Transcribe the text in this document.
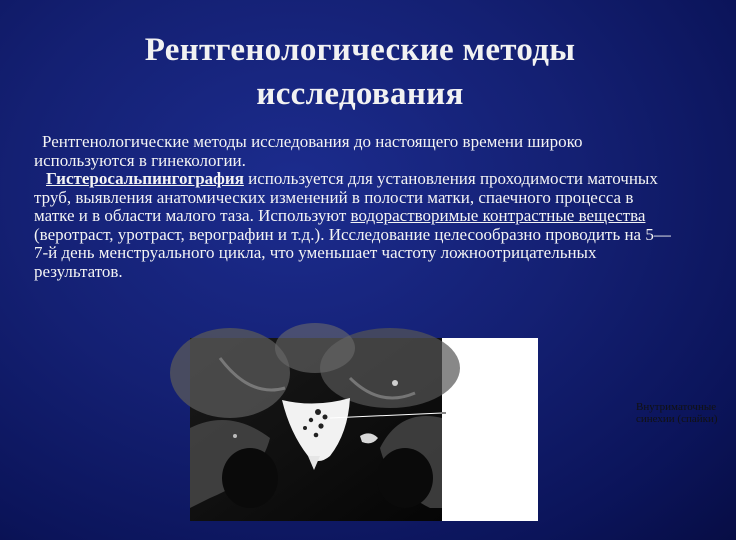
Рентгенологические методы исследования

Рентгенологические методы исследования до настоящего времени широко используются в гинекологии.

Гистеросальпингография используется для установления проходимости маточных труб, выявления анатомических изменений в полости матки, спаечного процесса в матке и в области малого таза. Используют водорастворимые контрастные вещества (веротраст, уротраст, верографин и т.д.). Исследование целесообразно проводить на 5—7-й день менструального цикла, что уменьшает частоту ложноотрицательных результатов.

Внутриматочные синехии (спайки)
